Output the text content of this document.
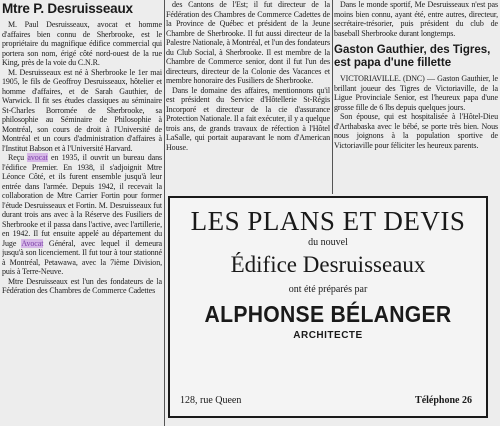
Mtre P. Desruisseaux

M. Paul Desruisseaux, avocat et homme d'affaires bien connu de Sherbrooke, est le propriétaire du magnifique édifice commercial qui portera son nom, érigé côté nord-ouest de la rue King, près de la voie du C.N.R.

M. Desruisseaux est né à Sherbrooke le 1er mai 1905, le fils de Geoffroy Desruisseaux, hôtelier et homme d'affaires, et de Sarah Gauthier, de Warwick. Il fit ses études classiques au séminaire St-Charles Borromée de Sherbrooke, sa philosophie au Séminaire de Philosophie à Montréal, son cours de droit à l'Université de Montréal et un cours d'administration d'affaires à l'Institut Babson et à l'Université Harvard.

Reçu avocat en 1935, il ouvrit un bureau dans l'édifice Premier. En 1938, il s'adjoignit Mtre Léonce Côté, et ils furent ensemble jusqu'à leur entrée dans l'armée. Depuis 1942, il recevait la collaboration de Mtre Carrier Fortin pour former l'étude Desruisseaux et Fortin. M. Desruisseaux fut durant trois ans avec à la Réserve des Fusiliers de Sherbrooke et il passa dans l'active, avec l'artillerie, en 1942. Il fut ensuite appelé au département du Juge Avocat Général, avec lequel il demeura jusqu'à son licenciement. Il fut tour à tour stationné à Montréal, Petawawa, avec la 7ième Division, puis à Terre-Neuve.

Mtre Desruisseaux est l'un des fondateurs de la Fédération des Chambres de Commerce Cadettes

des Cantons de l'Est; il fut directeur de la Fédération des Chambres de Commerce Cadettes de la Province de Québec et président de la Jeune Chambre de Sherbrooke. Il fut aussi directeur de la Palestre Nationale, à Montréal, et l'un des fondateurs du Club Social, à Sherbrooke. Il est membre de la Chambre de Commerce senior, dont il fut l'un des directeurs, directeur de la Colonie des Vacances et membre honoraire des Fusiliers de Sherbrooke.

Dans le domaine des affaires, mentionnons qu'il est président du Service d'Hôtellerie St-Régis Incorporé et directeur de la cie d'assurance Protection Nationale. Il a fait exécuter, il y a quelque trois ans, de grands travaux de réfection à l'Hôtel LaSalle, qui portait auparavant le nom d'American House.

Dans le monde sportif, Me Desruisseaux n'est pas moins bien connu, ayant été, entre autres, directeur, secrétaire-trésorier, puis président du club de baseball Sherbrooke durant longtemps.

Gaston Gauthier, des Tigres, est papa d'une fillette

VICTORIAVILLE. (DNC) — Gaston Gauthier, le brillant joueur des Tigres de Victoriaville, de la Ligue Provinciale Senior, est l'heureux papa d'une grosse fille de 6 lbs depuis quelques jours.

Son épouse, qui est hospitalisée à l'Hôtel-Dieu d'Arthabaska avec le bébé, se porte très bien. Nous nous joignons à la population sportive de Victoriaville pour féliciter les heureux parents.

LES PLANS ET DEVIS
du nouvel
Édifice Desruisseaux
ont été préparés par
ALPHONSE BÉLANGER
ARCHITECTE
128, rue Queen	Téléphone 26
